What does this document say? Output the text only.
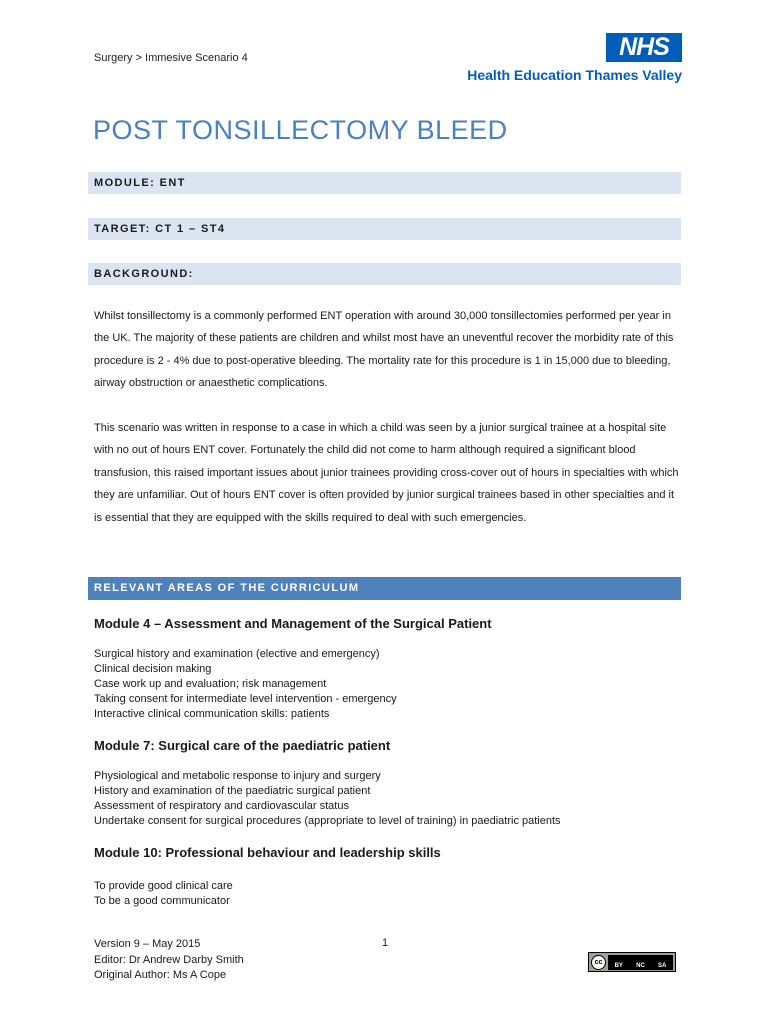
Surgery > Immesive Scenario 4	NHS
Health Education Thames Valley
POST TONSILLECTOMY BLEED
MODULE: ENT
TARGET: CT 1 – ST4
BACKGROUND:

Whilst tonsillectomy is a commonly performed ENT operation with around 30,000 tonsillectomies performed per year in the UK. The majority of these patients are children and whilst most have an uneventful recover the morbidity rate of this procedure is 2 - 4% due to post-operative bleeding. The mortality rate for this procedure is 1 in 15,000 due to bleeding, airway obstruction or anaesthetic complications.

This scenario was written in response to a case in which a child was seen by a junior surgical trainee at a hospital site with no out of hours ENT cover. Fortunately the child did not come to harm although required a significant blood transfusion, this raised important issues about junior trainees providing cross-cover out of hours in specialties with which they are unfamiliar. Out of hours ENT cover is often provided by junior surgical trainees based in other specialties and it is essential that they are equipped with the skills required to deal with such emergencies.

RELEVANT AREAS OF THE CURRICULUM
Module 4 – Assessment and Management of the Surgical Patient
Surgical history and examination (elective and emergency)
Clinical decision making
Case work up and evaluation; risk management
Taking consent for intermediate level intervention - emergency
Interactive clinical communication skills: patients
Module 7: Surgical care of the paediatric patient
Physiological and metabolic response to injury and surgery
History and examination of the paediatric surgical patient
Assessment of respiratory and cardiovascular status
Undertake consent for surgical procedures (appropriate to level of training) in paediatric patients
Module 10: Professional behaviour and leadership skills
To provide good clinical care
To be a good communicator
Version 9 – May 2015
Editor: Dr Andrew Darby Smith
Original Author: Ms A Cope
1
cc	BY NC SA
